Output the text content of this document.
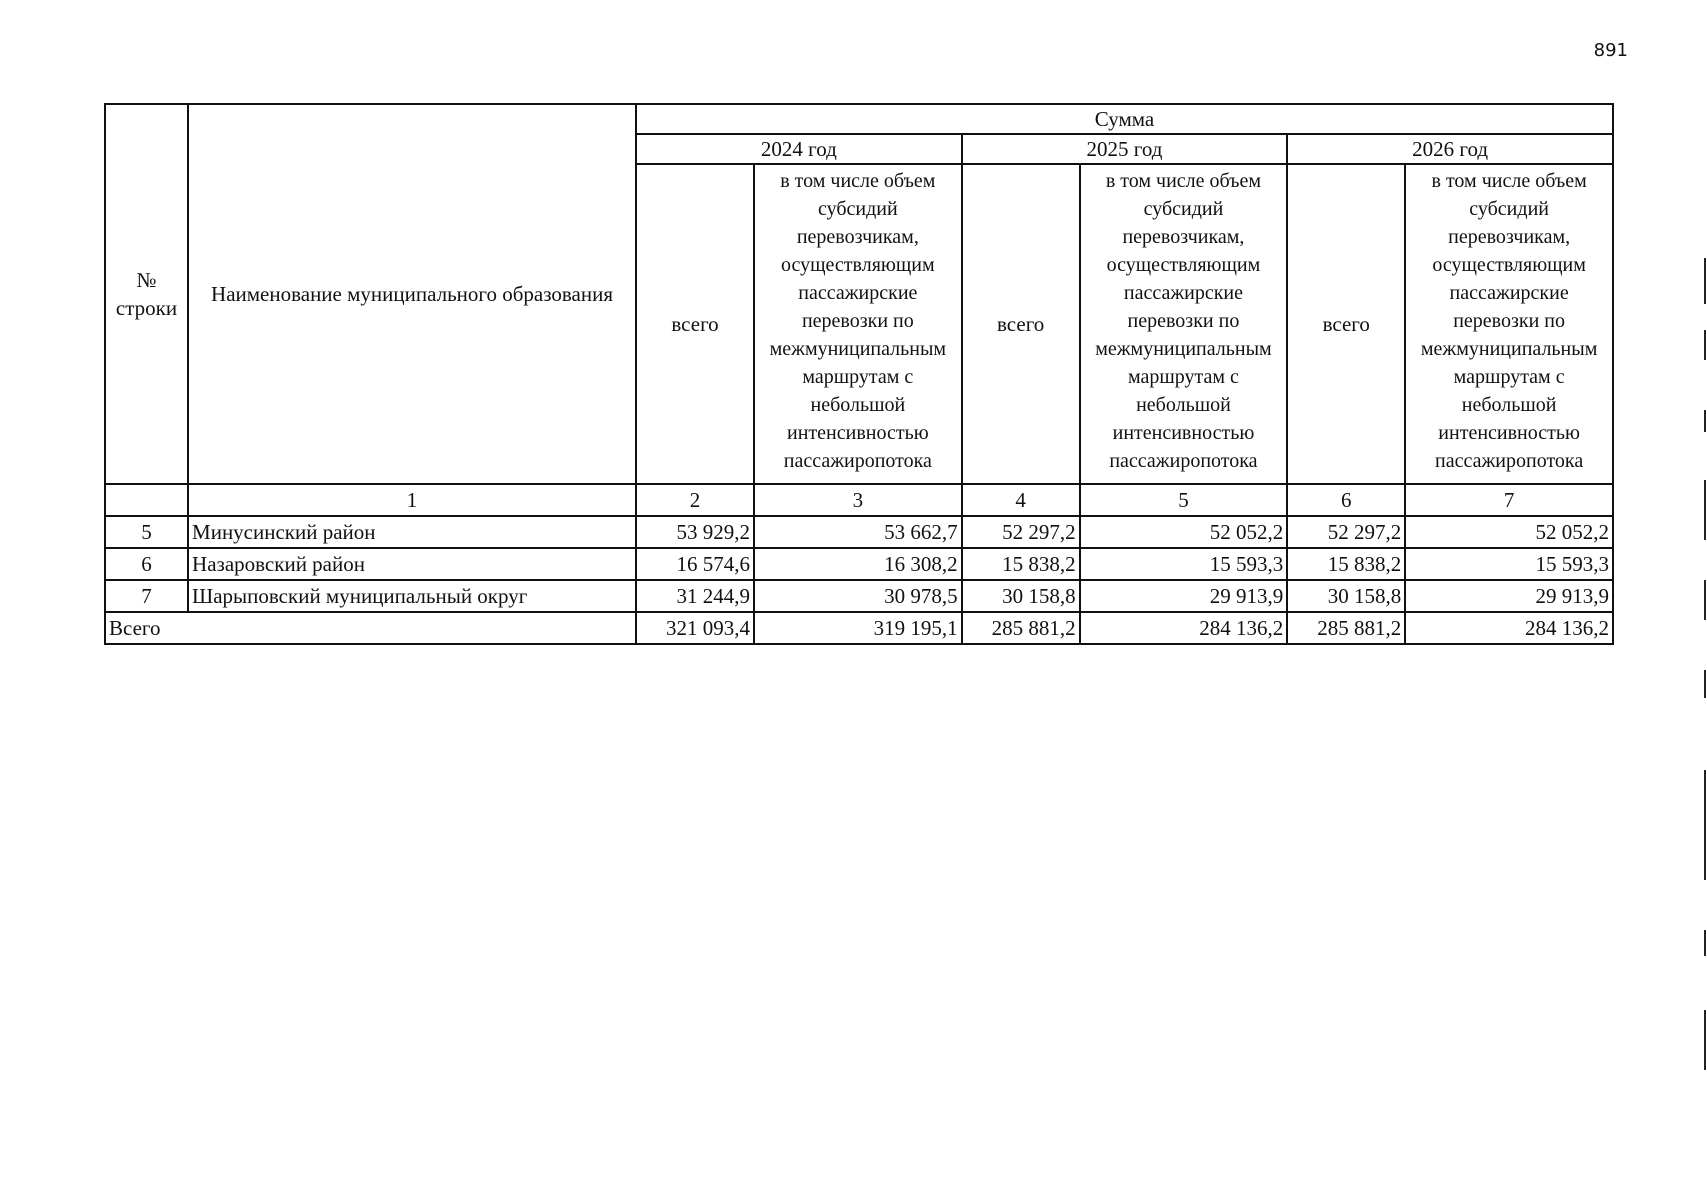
891
№ строки	Наименование муниципального образования	Сумма					
		2024 год		2025 год		2026 год	
		всего	в том числе объем субсидий перевозчикам, осуществляющим пассажирские перевозки по межмуниципальным маршрутам с небольшой интенсивностью пассажиропотока	всего	в том числе объем субсидий перевозчикам, осуществляющим пассажирские перевозки по межмуниципальным маршрутам с небольшой интенсивностью пассажиропотока	всего	в том числе объем субсидий перевозчикам, осуществляющим пассажирские перевозки по межмуниципальным маршрутам с небольшой интенсивностью пассажиропотока
	1	2	3	4	5	6	7
5	Минусинский район	53 929,2	53 662,7	52 297,2	52 052,2	52 297,2	52 052,2
6	Назаровский район	16 574,6	16 308,2	15 838,2	15 593,3	15 838,2	15 593,3
7	Шарыповский муниципальный округ	31 244,9	30 978,5	30 158,8	29 913,9	30 158,8	29 913,9
Всего		321 093,4	319 195,1	285 881,2	284 136,2	285 881,2	284 136,2
